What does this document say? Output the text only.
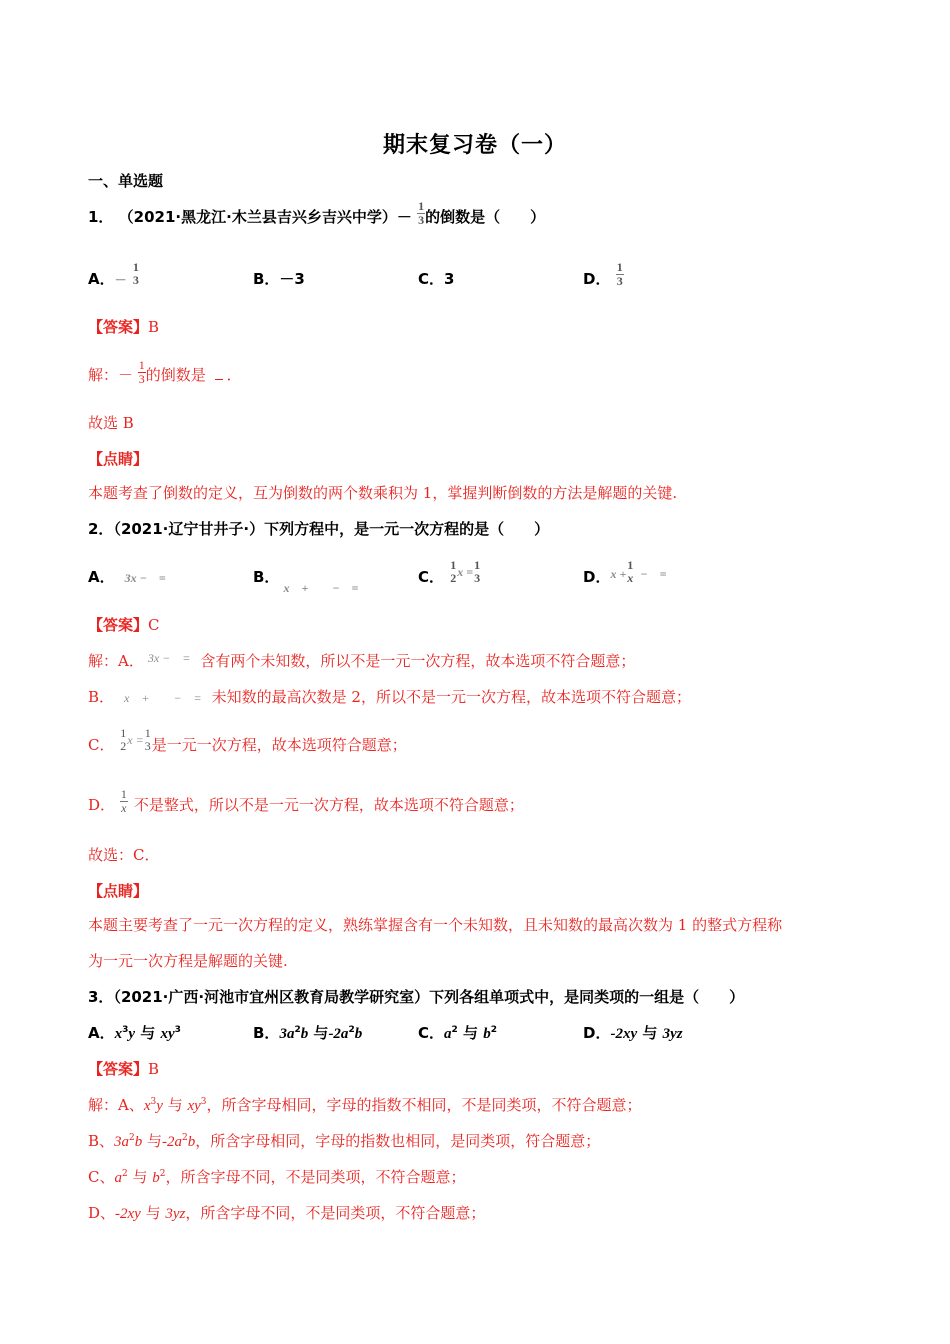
期末复习卷（一）
一、单选题
1． （2021·黑龙江·木兰县吉兴乡吉兴中学）－ $\frac{1}{3}$ 的倒数是（　　）
A．－
1
3	B．－3	C．3	D． $\frac{1}{3}$
【答案】B
解：－ $\frac{1}{3}$ 的倒数是 ．
故选 B
【点睛】
本题考查了倒数的定义，互为倒数的两个数乘积为 1，掌握判断倒数的方法是解题的关键.
2．（2021·辽宁甘井子·）下列方程中，是一元一次方程的是（　　）
A． 3x −　=	B．$_{x + - =}$
C．
1
2 $^{x =}$
1
3	D．$^{x +}$
1
x −　=
【答案】C
解：A． $^{3x - =}$ 含有两个未知数，所以不是一元一次方程，故本选项不符合题意；
B． x　+　　−　= 未知数的最高次数是 2，所以不是一元一次方程，故本选项不符合题意；
C．
1
2 $^{x =}$ 1
3 是一元一次方程，故本选项符合题意；
D． $\frac{1}{x}$ 不是整式，所以不是一元一次方程，故本选项不符合题意；
故选：C．
【点睛】
本题主要考查了一元一次方程的定义，熟练掌握含有一个未知数，且未知数的最高次数为 1 的整式方程称
为一元一次方程是解题的关键.
3．（2021·广西·河池市宜州区教育局教学研究室）下列各组单项式中，是同类项的一组是（　　）
A．$x^3y$ 与 $xy^3$	B．$3a^2b$ 与$-2a^2b$	C．$a^2$ 与 $b^2$	D．-2xy 与 3yz
【答案】B
解：A、$x^3y$ 与 $xy^3$，所含字母相同，字母的指数不相同，不是同类项，不符合题意；
B、$3a^2b$ 与$-2a^2b$，所含字母相同，字母的指数也相同，是同类项，符合题意；
C、$a^2$ 与 $b^2$，所含字母不同，不是同类项，不符合题意；
D、-2xy 与 3yz，所含字母不同，不是同类项，不符合题意；
